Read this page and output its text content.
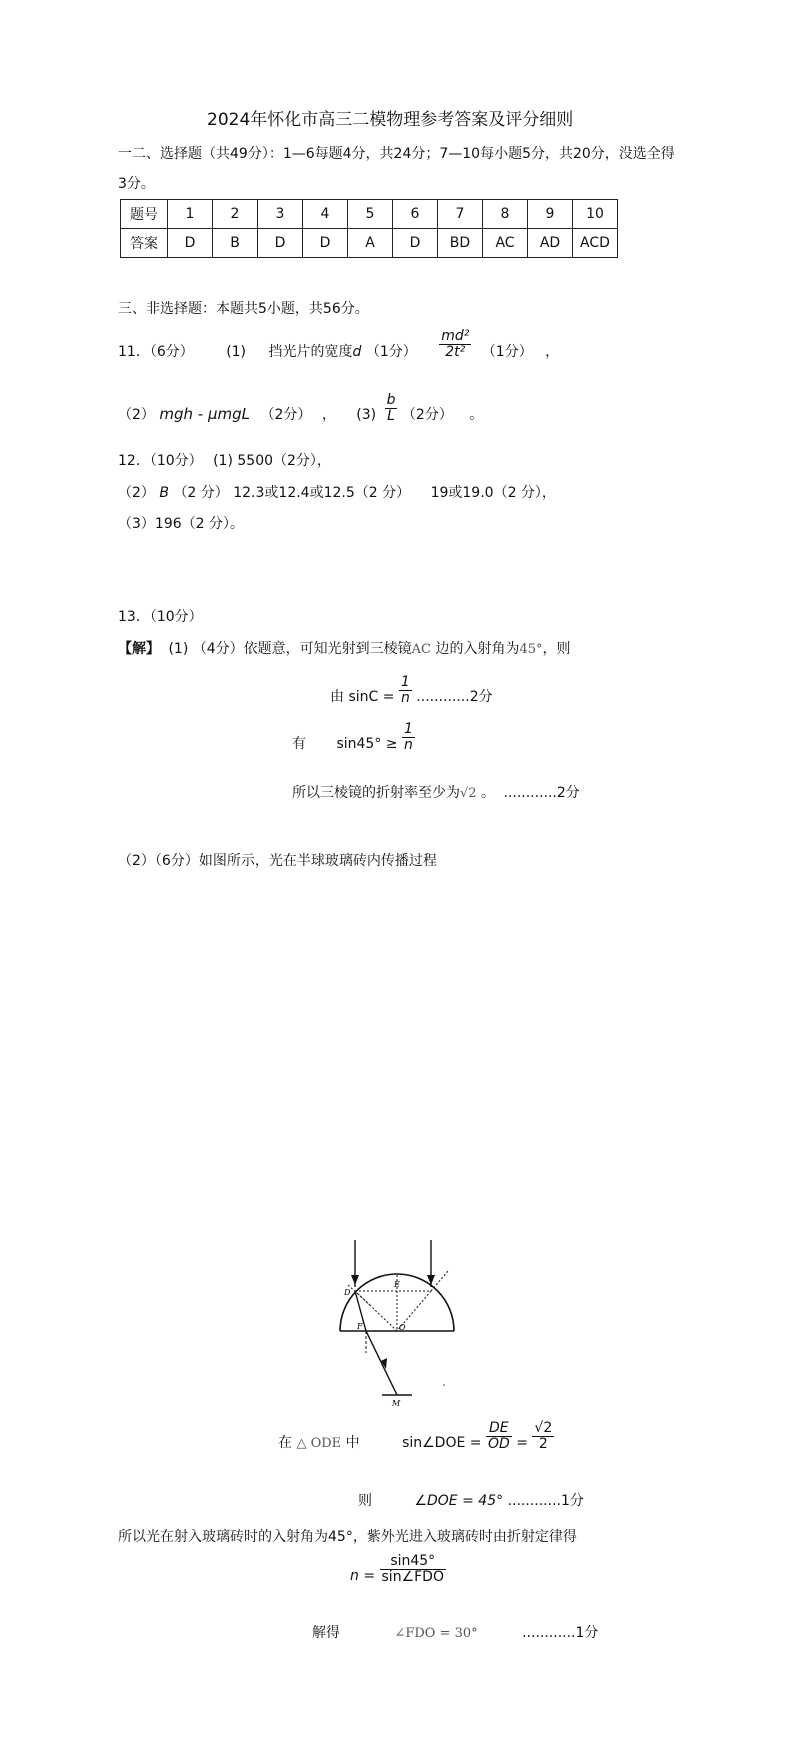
2024年怀化市高三二模物理参考答案及评分细则
一二、选择题（共49分）：1—6每题4分，共24分；7—10每小题5分，共20分，没选全得
3分。
题号	1	2	3	4	5	6	7	8	9	10
答案	D	B	D	D	A	D	BD	AC	AD	ACD
三、非选择题：本题共5小题，共56分。
11．（6分） (1) 挡光片的宽度d （1分） $\frac{\text{md²}}{\text{2t²}} (1$分） ，
（2） mgh - μmgL （2分） ， $(3) \frac{b}{L} (2$分） 。
12．（10分） (1) 5500（2分），
（2） B （2 分） 12.3或12.4或12.5（2 分） 19或19.0（2 分），
（3）196（2 分）。
13．（10分）
【解】 (1) （4分）依题意，可知光射到三棱镜AC 边的入射角为45°，则
由 $\sin C = \frac{1}{n} ............2$分
有 $\sin 45^\circ \ge \frac{1}{n}$
所以三棱镜的折射率至少为√2 。 ............2分
（2）（6分）如图所示，光在半球玻璃砖内传播过程
D
E
O
F
M
在 △ ODE 中	sin∠DOE = $\frac{DE}{OD} = \frac{√2}{2}$
则	∠DOE = 45° ............1分
所以光在射入玻璃砖时的入射角为45°，紫外光进入玻璃砖时由折射定律得
$n = \frac{\sin 45^\circ}{\text{sin∠FDO}}$
解得	∠FDO = 30°	............1分
